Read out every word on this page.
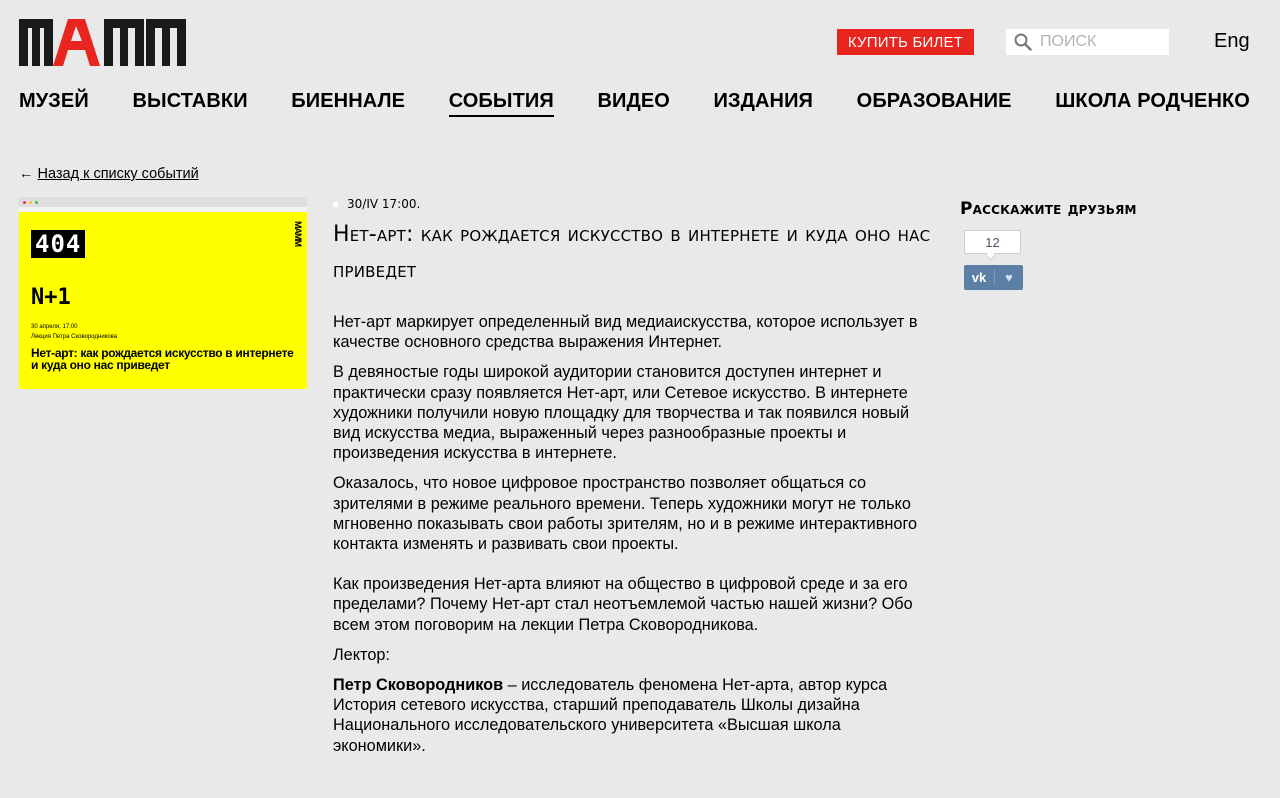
КУПИТЬ БИЛЕТ
ПОИСК	Eng
МУЗЕЙ ВЫСТАВКИ БИЕННАЛЕ СОБЫТИЯ ВИДЕО ИЗДАНИЯ ОБРАЗОВАНИЕ ШКОЛА РОДЧЕНКО
← Назад к списку событий
404
N+1
30 апреля, 17:00
Лекция Петра Сковородникова
Нет-арт: как рождается искусство в интернете и куда оно нас приведет
MAMM
30/IV 17:00.
Нет-арт: как рождается искусство в интернете и куда оно нас приведет

Нет-арт маркирует определенный вид медиаискусства, которое использует в качестве основного средства выражения Интернет.

В девяностые годы широкой аудитории становится доступен интернет и практически сразу появляется Нет-арт, или Сетевое искусство. В интернете художники получили новую площадку для творчества и так появился новый вид искусства медиа, выраженный через разнообразные проекты и произведения искусства в интернете.

Оказалось, что новое цифровое пространство позволяет общаться со зрителями в режиме реального времени. Теперь художники могут не только мгновенно показывать свои работы зрителям, но и в режиме интерактивного контакта изменять и развивать свои проекты.

Как произведения Нет-арта влияют на общество в цифровой среде и за его пределами? Почему Нет-арт стал неотъемлемой частью нашей жизни? Обо всем этом поговорим на лекции Петра Сковородникова.

Лектор:

Петр Сковородников – исследователь феномена Нет-арта, автор курса История сетевого искусства, старший преподаватель Школы дизайна Национального исследовательского университета «Высшая школа экономики».

Расскажите друзьям
12
vk	♥
